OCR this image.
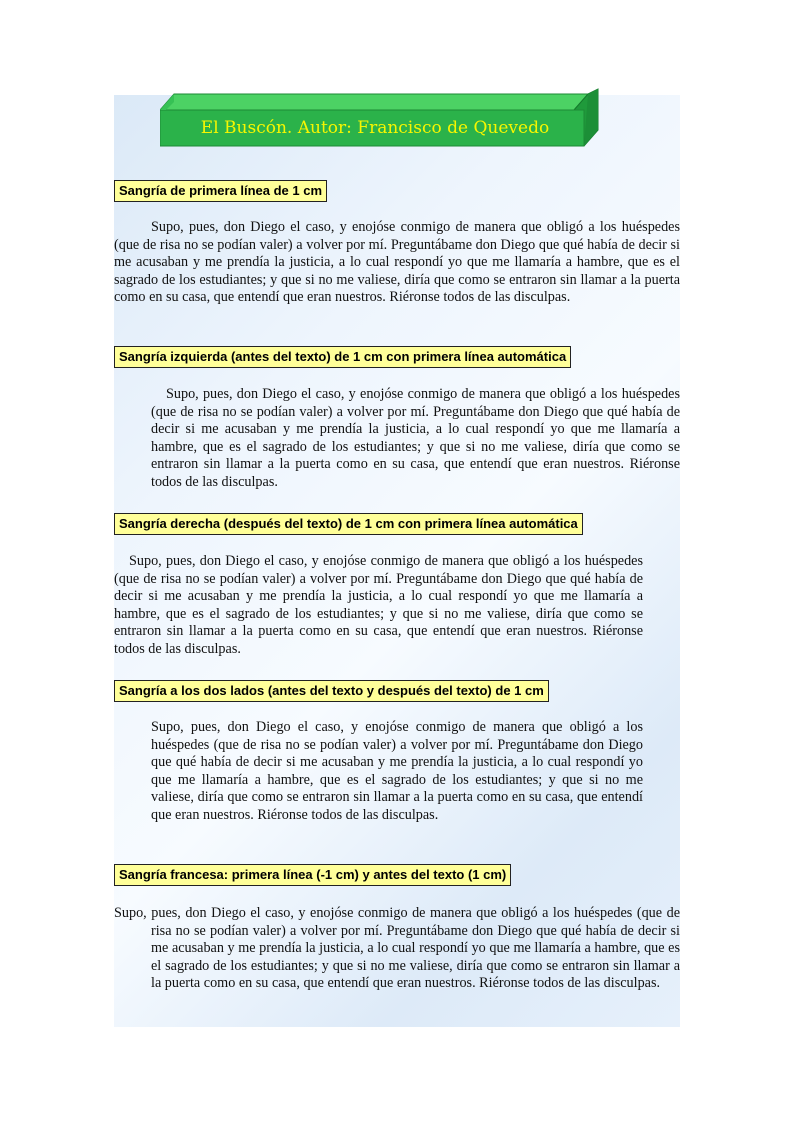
El Buscón. Autor: Francisco de Quevedo
Sangría de primera línea de 1 cm

Supo, pues, don Diego el caso, y enojóse conmigo de manera que obligó a los huéspedes (que de risa no se podían valer) a volver por mí. Preguntábame don Diego que qué había de decir si me acusaban y me prendía la justicia, a lo cual respondí yo que me llamaría a hambre, que es el sagrado de los estudiantes; y que si no me valiese, diría que como se entraron sin llamar a la puerta como en su casa, que entendí que eran nuestros. Riéronse todos de las disculpas.

Sangría izquierda (antes del texto) de 1 cm con primera línea automática

Supo, pues, don Diego el caso, y enojóse conmigo de manera que obligó a los huéspedes (que de risa no se podían valer) a volver por mí. Preguntábame don Diego que qué había de decir si me acusaban y me prendía la justicia, a lo cual respondí yo que me llamaría a hambre, que es el sagrado de los estudiantes; y que si no me valiese, diría que como se entraron sin llamar a la puerta como en su casa, que entendí que eran nuestros. Riéronse todos de las disculpas.

Sangría derecha (después del texto) de 1 cm con primera línea automática

Supo, pues, don Diego el caso, y enojóse conmigo de manera que obligó a los huéspedes (que de risa no se podían valer) a volver por mí. Preguntábame don Diego que qué había de decir si me acusaban y me prendía la justicia, a lo cual respondí yo que me llamaría a hambre, que es el sagrado de los estudiantes; y que si no me valiese, diría que como se entraron sin llamar a la puerta como en su casa, que entendí que eran nuestros. Riéronse todos de las disculpas.

Sangría a los dos lados (antes del texto y después del texto) de 1 cm

Supo, pues, don Diego el caso, y enojóse conmigo de manera que obligó a los huéspedes (que de risa no se podían valer) a volver por mí. Preguntábame don Diego que qué había de decir si me acusaban y me prendía la justicia, a lo cual respondí yo que me llamaría a hambre, que es el sagrado de los estudiantes; y que si no me valiese, diría que como se entraron sin llamar a la puerta como en su casa, que entendí que eran nuestros. Riéronse todos de las disculpas.

Sangría francesa: primera línea (-1 cm) y antes del texto (1 cm)

Supo, pues, don Diego el caso, y enojóse conmigo de manera que obligó a los huéspedes (que de risa no se podían valer) a volver por mí. Preguntábame don Diego que qué había de decir si me acusaban y me prendía la justicia, a lo cual respondí yo que me llamaría a hambre, que es el sagrado de los estudiantes; y que si no me valiese, diría que como se entraron sin llamar a la puerta como en su casa, que entendí que eran nuestros. Riéronse todos de las disculpas.
